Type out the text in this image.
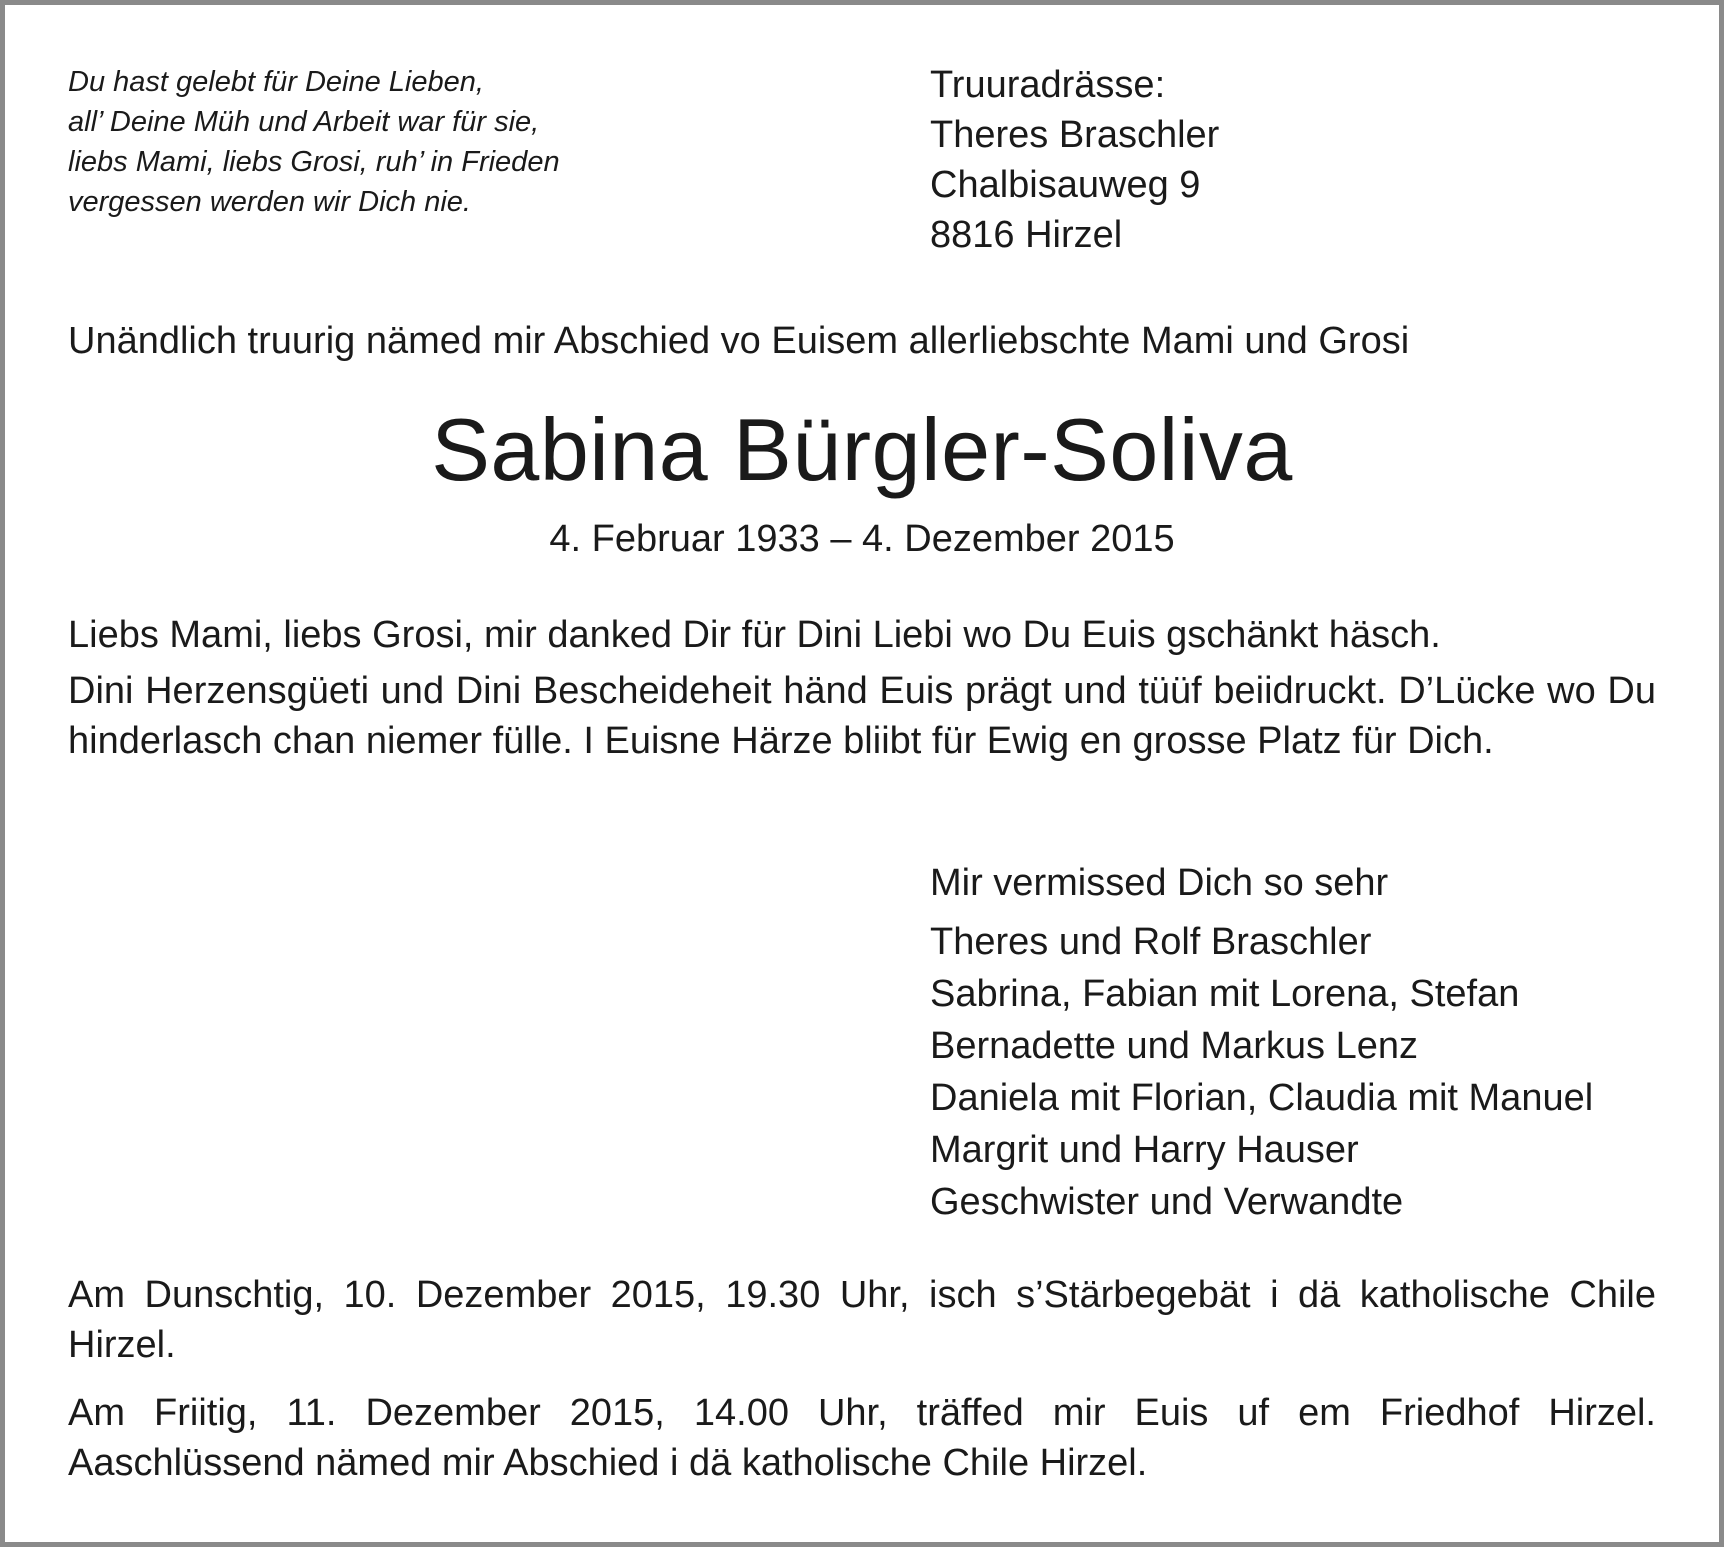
Du hast gelebt für Deine Lieben,
all’ Deine Müh und Arbeit war für sie,
liebs Mami, liebs Grosi, ruh’ in Frieden
vergessen werden wir Dich nie.
Truuradrässe:
Theres Braschler
Chalbisauweg 9
8816 Hirzel
Unändlich truurig nämed mir Abschied vo Euisem allerliebschte Mami und Grosi
Sabina Bürgler-Soliva
4. Februar 1933 – 4. Dezember 2015

Liebs Mami, liebs Grosi, mir danked Dir für Dini Liebi wo Du Euis gschänkt häsch.

Dini Herzensgüeti und Dini Bescheideheit händ Euis prägt und tüüf beiidruckt. D’Lücke wo Du hinderlasch chan niemer fülle. I Euisne Härze bliibt für Ewig en grosse Platz für Dich.

Mir vermissed Dich so sehr
Theres und Rolf Braschler
Sabrina, Fabian mit Lorena, Stefan
Bernadette und Markus Lenz
Daniela mit Florian, Claudia mit Manuel
Margrit und Harry Hauser
Geschwister und Verwandte

Am Dunschtig, 10. Dezember 2015, 19.30 Uhr, isch s’Stärbegebät i dä katholische Chile Hirzel.

Am Friitig, 11. Dezember 2015, 14.00 Uhr, träffed mir Euis uf em Friedhof Hirzel. Aaschlüssend nämed mir Abschied i dä katholische Chile Hirzel.
